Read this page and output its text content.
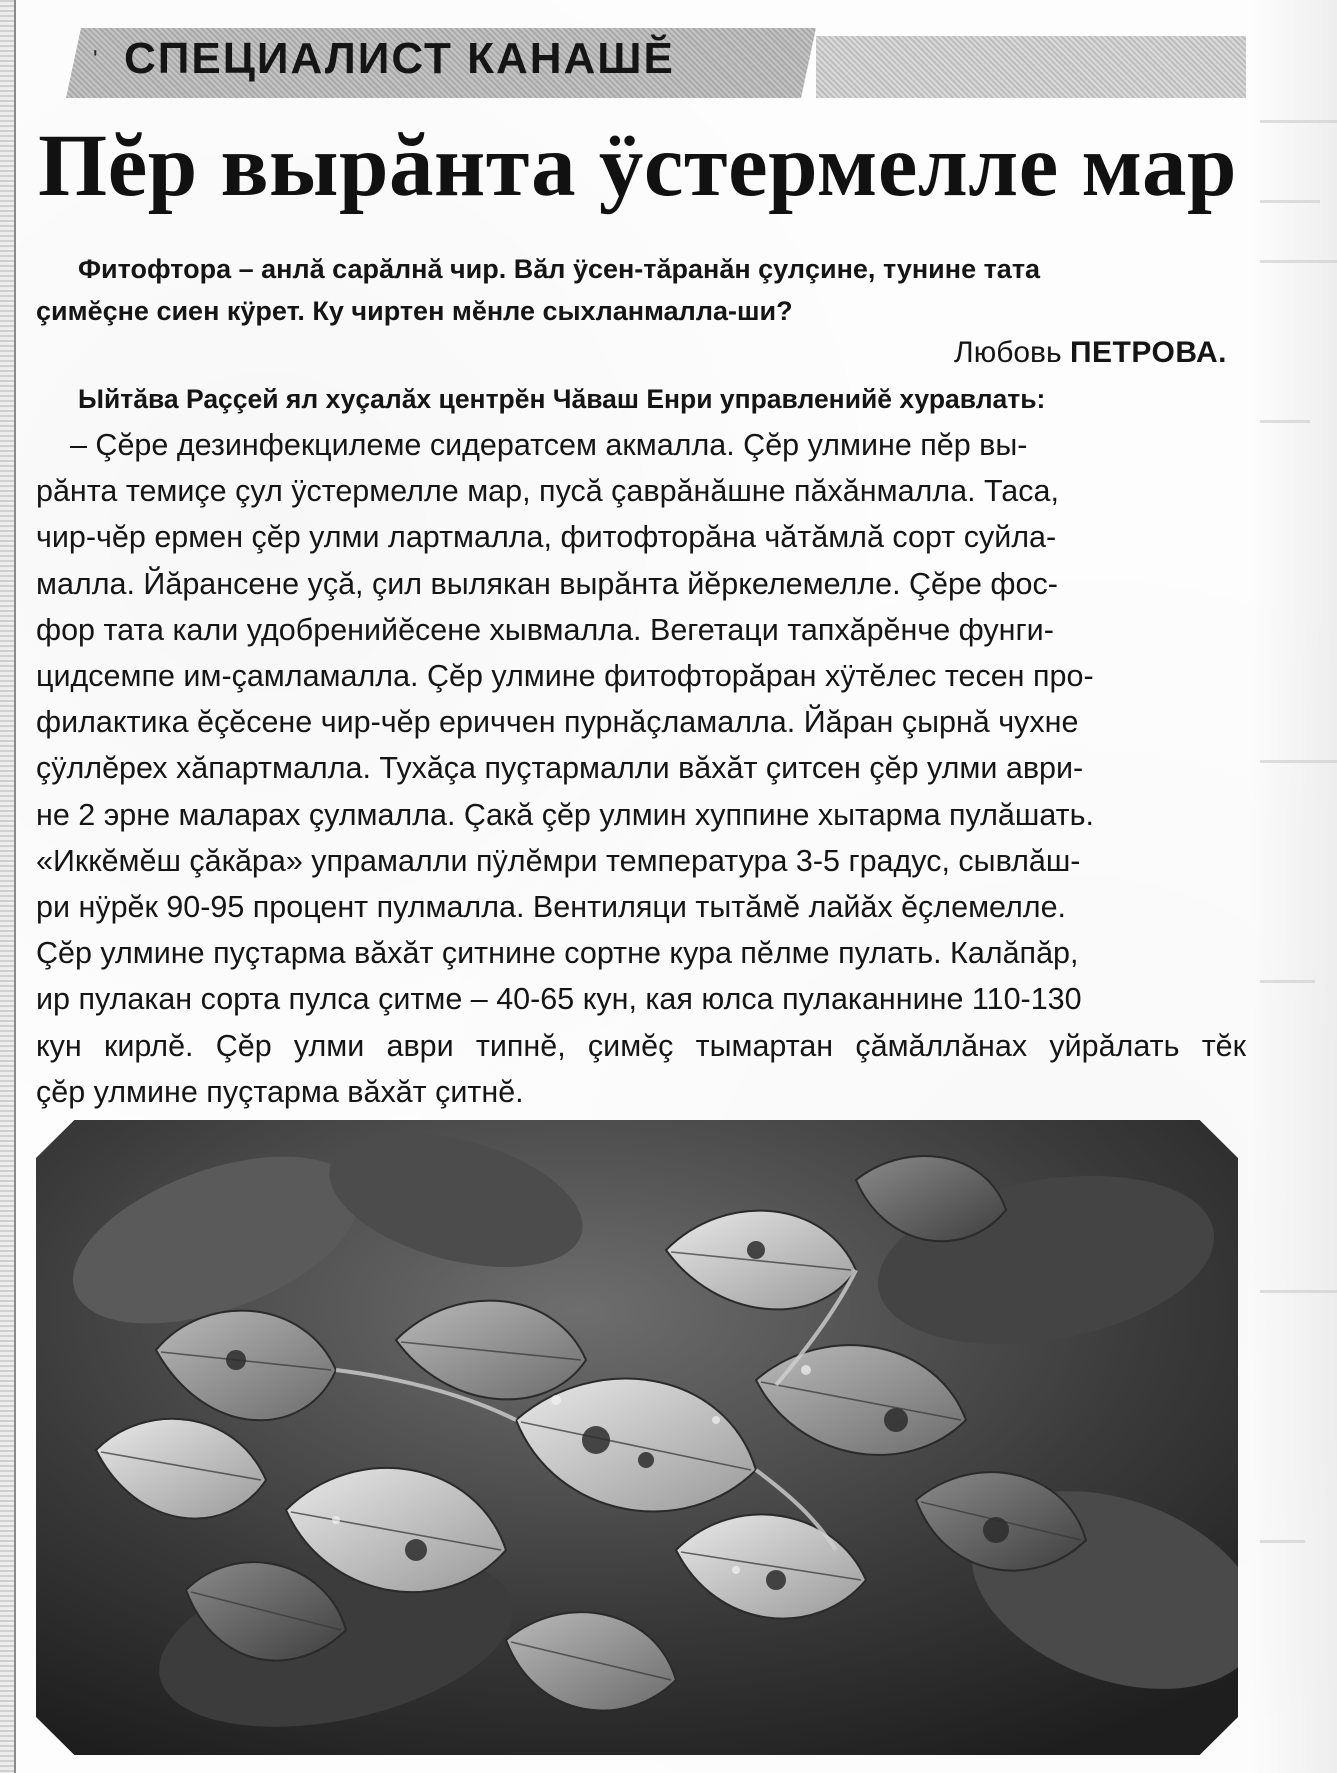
ʹ СПЕЦИАЛИСТ КАНАШĔ
Пĕр вырăнта ÿстермелле мар
Фитофтора – анлă сарăлнă чир. Вăл ÿсен-тăранăн çулçине, тунине тата
çимĕçне сиен кÿрет. Ку чиртен мĕнле сыхланмалла-ши?
Любовь ПЕТРОВА.
Ыйтăва Раççей ял хуçалăх центрĕн Чăваш Енри управленийĕ хуравлать:
– Çĕре дезинфекцилеме сидератсем акмалла. Çĕр улмине пĕр вы-
рăнта темиçе çул ÿстермелле мар, пусă çаврăнăшне пăхăнмалла. Таса,
чир-чĕр ермен çĕр улми лартмалла, фитофторăна чăтăмлă сорт суйла-
малла. Йăрансене уçă, çил вылякан вырăнта йĕркелемелле. Çĕре фос-
фор тата кали удобренийĕсене хывмалла. Вегетаци тапхăрĕнче фунги-
цидсемпе им-çамламалла. Çĕр улмине фитофторăран хÿтĕлес тесен про-
филактика ĕçĕсене чир-чĕр ериччен пурнăçламалла. Йăран çырнă чухне
çÿллĕрех хăпартмалла. Тухăçа пуçтармалли вăхăт çитсен çĕр улми аври-
не 2 эрне маларах çулмалла. Çакă çĕр улмин хуппине хытарма пулăшать.
«Иккĕмĕш çăкăра» упрамалли пÿлĕмри температура 3-5 градус, сывлăш-
ри нÿрĕк 90-95 процент пулмалла. Вентиляци тытăмĕ лайăх ĕçлемелле.
Çĕр улмине пуçтарма вăхăт çитнине сортне кура пĕлме пулать. Калăпăр,
ир пулакан сорта пулса çитме – 40-65 кун, кая юлса пулаканнине 110-130
кун кирлĕ. Çĕр улми аври типнĕ, çимĕç тымартан çăмăллăнах уйрăлать тĕк
çĕр улмине пуçтарма вăхăт çитнĕ.
